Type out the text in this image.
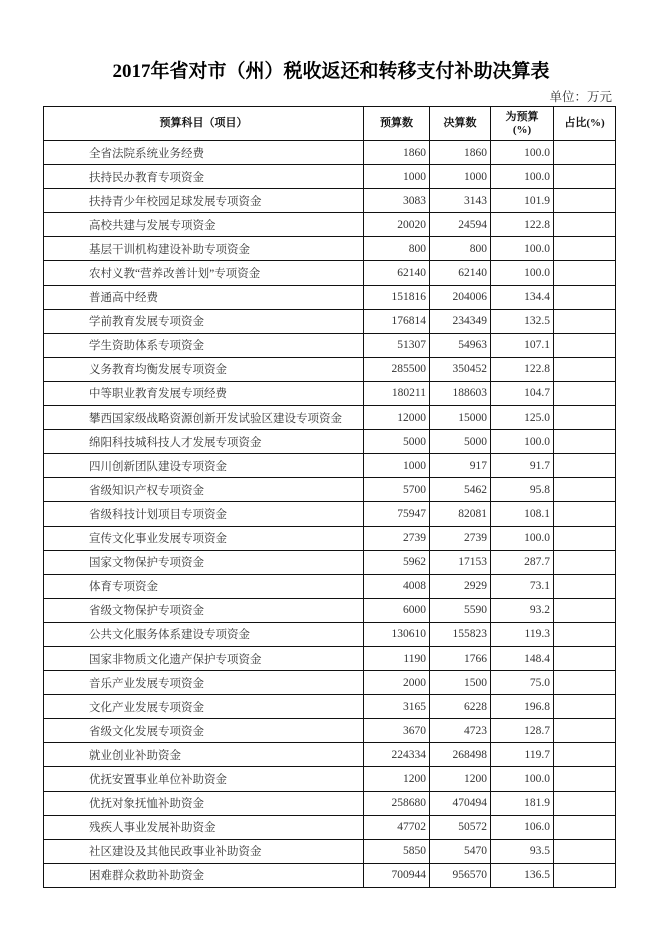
2017年省对市（州）税收返还和转移支付补助决算表
单位：万元
预算科目（项目）	预算数	决算数	为预算(%)	占比(%)
全省法院系统业务经费	1860	1860	100.0	
扶持民办教育专项资金	1000	1000	100.0	
扶持青少年校园足球发展专项资金	3083	3143	101.9	
高校共建与发展专项资金	20020	24594	122.8	
基层干训机构建设补助专项资金	800	800	100.0	
农村义教“营养改善计划”专项资金	62140	62140	100.0	
普通高中经费	151816	204006	134.4	
学前教育发展专项资金	176814	234349	132.5	
学生资助体系专项资金	51307	54963	107.1	
义务教育均衡发展专项资金	285500	350452	122.8	
中等职业教育发展专项经费	180211	188603	104.7	
攀西国家级战略资源创新开发试验区建设专项资金	12000	15000	125.0	
绵阳科技城科技人才发展专项资金	5000	5000	100.0	
四川创新团队建设专项资金	1000	917	91.7	
省级知识产权专项资金	5700	5462	95.8	
省级科技计划项目专项资金	75947	82081	108.1	
宣传文化事业发展专项资金	2739	2739	100.0	
国家文物保护专项资金	5962	17153	287.7	
体育专项资金	4008	2929	73.1	
省级文物保护专项资金	6000	5590	93.2	
公共文化服务体系建设专项资金	130610	155823	119.3	
国家非物质文化遗产保护专项资金	1190	1766	148.4	
音乐产业发展专项资金	2000	1500	75.0	
文化产业发展专项资金	3165	6228	196.8	
省级文化发展专项资金	3670	4723	128.7	
就业创业补助资金	224334	268498	119.7	
优抚安置事业单位补助资金	1200	1200	100.0	
优抚对象抚恤补助资金	258680	470494	181.9	
残疾人事业发展补助资金	47702	50572	106.0	
社区建设及其他民政事业补助资金	5850	5470	93.5	
困难群众救助补助资金	700944	956570	136.5	
